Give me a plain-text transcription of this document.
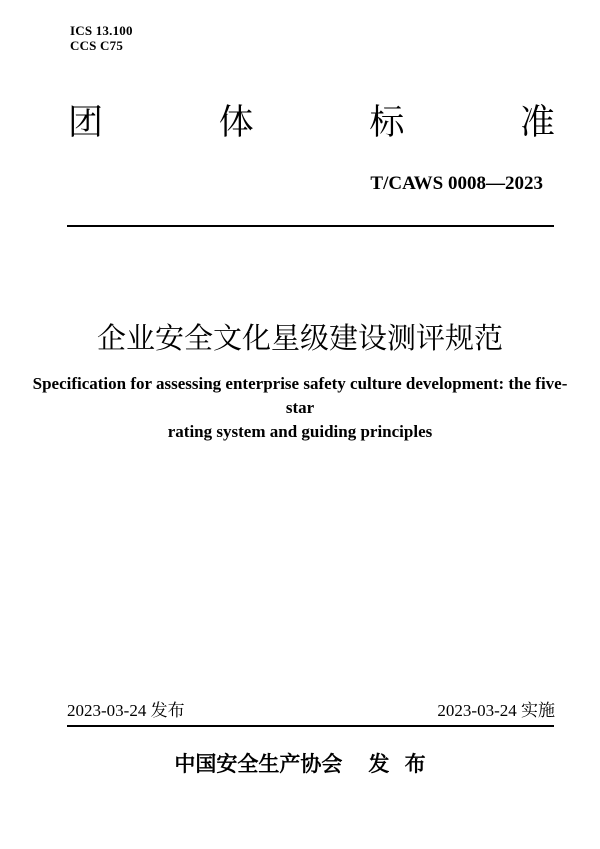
ICS 13.100
CCS C75
团	体	标	准
T/CAWS 0008—2023
企业安全文化星级建设测评规范
Specification for assessing enterprise safety culture development: the five-star
rating system and guiding principles
2023-03-24 发布	2023-03-24 实施
中国安全生产协会 发 布
